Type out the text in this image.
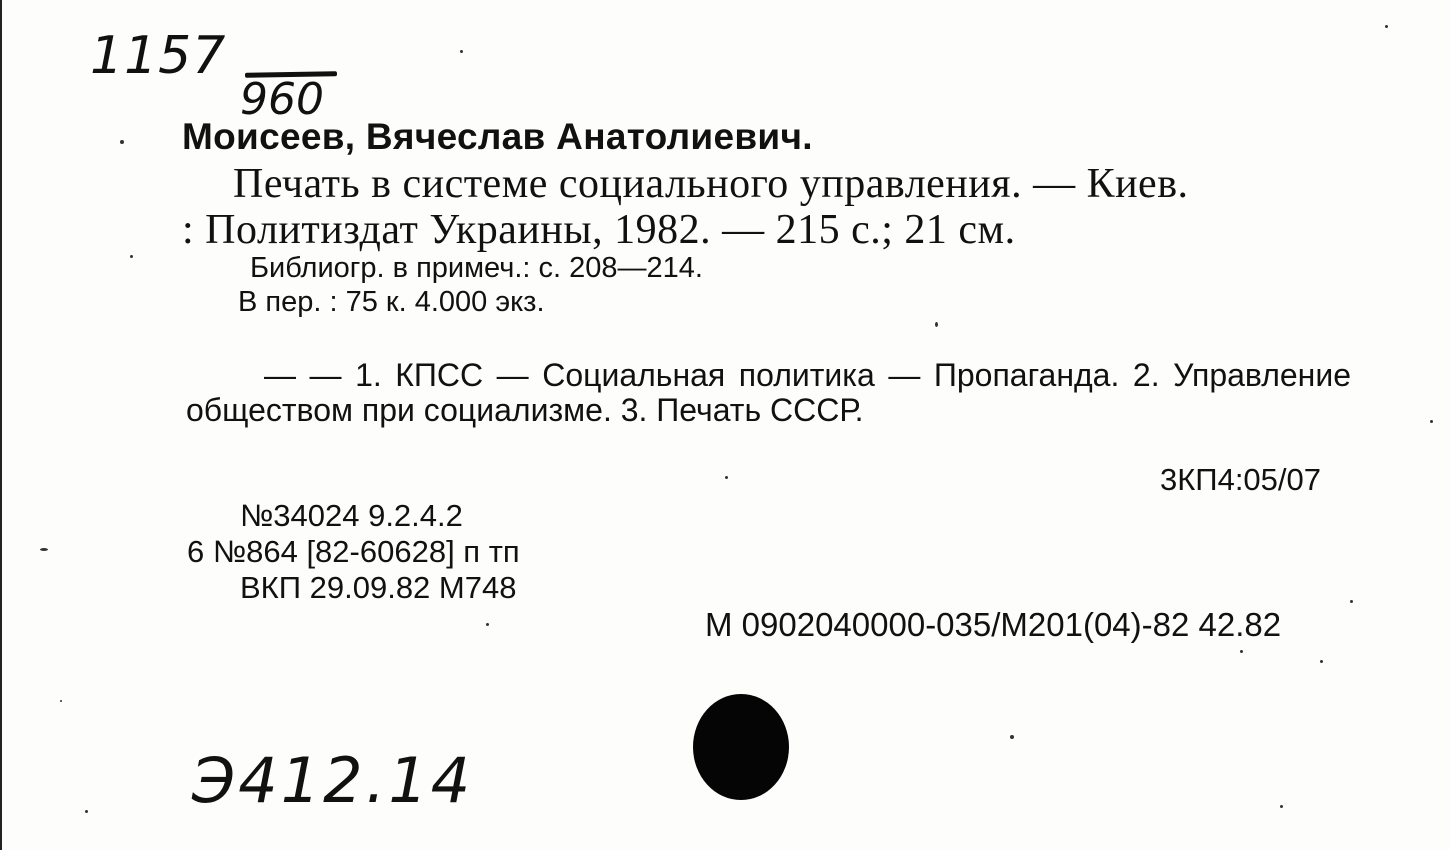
1157
960
Моисеев, Вячеслав Анатолиевич.
Печать в системе социального управления. — Киев.
: Политиздат Украины, 1982. — 215 с.; 21 см.
Библиогр. в примеч.: с. 208—214.
В пер. : 75 к. 4.000 экз.
— — 1. КПСС — Социальная политика — Пропаганда. 2. Управление обществом при социализме. 3. Печать СССР.
3КП4:05/07
№34024 9.2.4.2
6 №864 [82-60628] п тп
ВКП 29.09.82 М748
М 0902040000-035/М201(04)-82 42.82
Э412.14
